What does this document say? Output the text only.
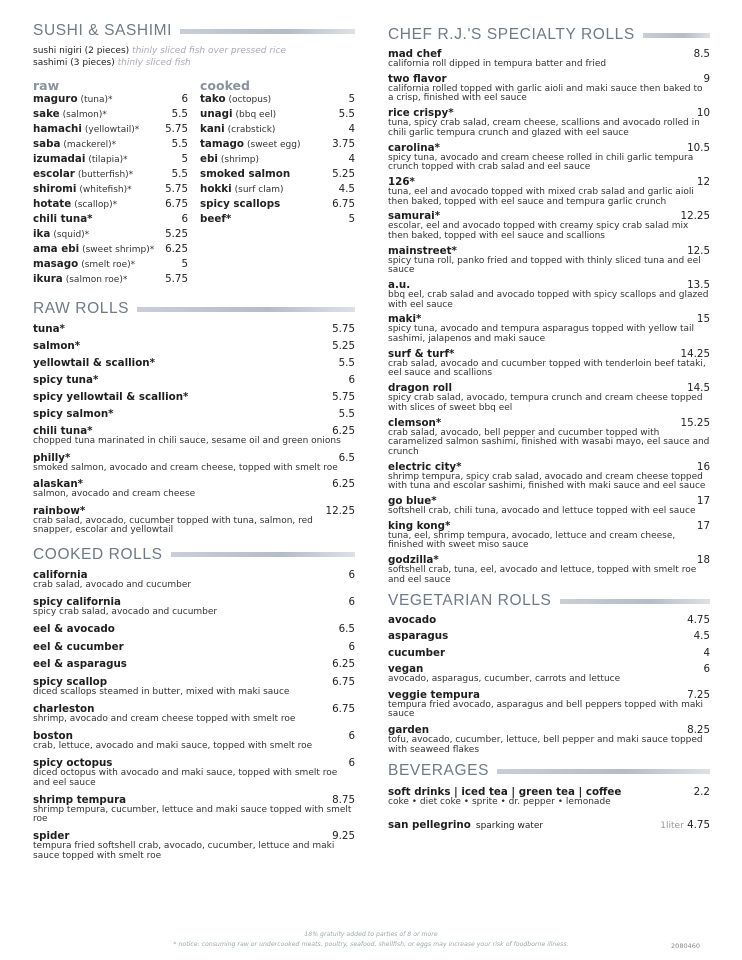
SUSHI & SASHIMI
sushi nigiri (2 pieces) thinly sliced fish over pressed rice
sashimi (3 pieces) thinly sliced fish
raw
maguro (tuna)*	6
sake (salmon)*	5.5
hamachi (yellowtail)*	5.75
saba (mackerel)*	5.5
izumadai (tilapia)*	5
escolar (butterfish)*	5.5
shiromi (whitefish)*	5.75
hotate (scallop)*	6.75
chili tuna*	6
ika (squid)*	5.25
ama ebi (sweet shrimp)* 6.25
masago (smelt roe)*	5
ikura (salmon roe)*	5.75
cooked
tako (octopus)	5
unagi (bbq eel)	5.5
kani (crabstick)	4
tamago (sweet egg)	3.75
ebi (shrimp)	4
smoked salmon	5.25
hokki (surf clam)	4.5
spicy scallops	6.75
beef*	5
RAW ROLLS
tuna*	5.75
salmon*	5.25
yellowtail & scallion*	5.5
spicy tuna*	6
spicy yellowtail & scallion*	5.75
spicy salmon*	5.5
chili tuna*	6.25
chopped tuna marinated in chili sauce, sesame oil and green onions
philly*	6.5
smoked salmon, avocado and cream cheese, topped with smelt roe
alaskan*	6.25
salmon, avocado and cream cheese
rainbow*	12.25
crab salad, avocado, cucumber topped with tuna, salmon, red snapper, escolar and yellowtail
COOKED ROLLS
california	6
crab salad, avocado and cucumber
spicy california	6
spicy crab salad, avocado and cucumber
eel & avocado	6.5
eel & cucumber	6
eel & asparagus	6.25
spicy scallop	6.75
diced scallops steamed in butter, mixed with maki sauce
charleston	6.75
shrimp, avocado and cream cheese topped with smelt roe
boston	6
crab, lettuce, avocado and maki sauce, topped with smelt roe
spicy octopus	6
diced octopus with avocado and maki sauce, topped with smelt roe and eel sauce
shrimp tempura	8.75
shrimp tempura, cucumber, lettuce and maki sauce topped with smelt roe
spider	9.25
tempura fried softshell crab, avocado, cucumber, lettuce and maki sauce topped with smelt roe
CHEF R.J.'S SPECIALTY ROLLS
mad chef	8.5
california roll dipped in tempura batter and fried
two flavor	9
california rolled topped with garlic aioli and maki sauce then baked to a crisp, finished with eel sauce
rice crispy*	10
tuna, spicy crab salad, cream cheese, scallions and avocado rolled in chili garlic tempura crunch and glazed with eel sauce
carolina*	10.5
spicy tuna, avocado and cream cheese rolled in chili garlic tempura crunch topped with crab salad and eel sauce
126*	12
tuna, eel and avocado topped with mixed crab salad and garlic aioli then baked, topped with eel sauce and tempura garlic crunch
samurai*	12.25
escolar, eel and avocado topped with creamy spicy crab salad mix then baked, topped with eel sauce and scallions
mainstreet*	12.5
spicy tuna roll, panko fried and topped with thinly sliced tuna and eel sauce
a.u.	13.5
bbq eel, crab salad and avocado topped with spicy scallops and glazed with eel sauce
maki*	15
spicy tuna, avocado and tempura asparagus topped with yellow tail sashimi, jalapenos and maki sauce
surf & turf*	14.25
crab salad, avocado and cucumber topped with tenderloin beef tataki, eel sauce and scallions
dragon roll	14.5
spicy crab salad, avocado, tempura crunch and cream cheese topped with slices of sweet bbq eel
clemson*	15.25
crab salad, avocado, bell pepper and cucumber topped with caramelized salmon sashimi, finished with wasabi mayo, eel sauce and crunch
electric city*	16
shrimp tempura, spicy crab salad, avocado and cream cheese topped with tuna and escolar sashimi, finished with maki sauce and eel sauce
go blue*	17
softshell crab, chili tuna, avocado and lettuce topped with eel sauce
king kong*	17
tuna, eel, shrimp tempura, avocado, lettuce and cream cheese, finished with sweet miso sauce
godzilla*	18
softshell crab, tuna, eel, avocado and lettuce, topped with smelt roe and eel sauce
VEGETARIAN ROLLS
avocado	4.75
asparagus	4.5
cucumber	4
vegan	6
avocado, asparagus, cucumber, carrots and lettuce
veggie tempura	7.25
tempura fried avocado, asparagus and bell peppers topped with maki sauce
garden	8.25
tofu, avocado, cucumber, lettuce, bell pepper and maki sauce topped with seaweed flakes
BEVERAGES
soft drinks | iced tea | green tea | coffee	2.2
coke • diet coke • sprite • dr. pepper • lemonade
san pellegrino
sparking water	1liter 4.75
18% gratuity added to parties of 8 or more
* notice: consuming raw or undercooked meats, poultry, seafood, shellfish, or eggs may increase your risk of foodborne illness.	2080460
